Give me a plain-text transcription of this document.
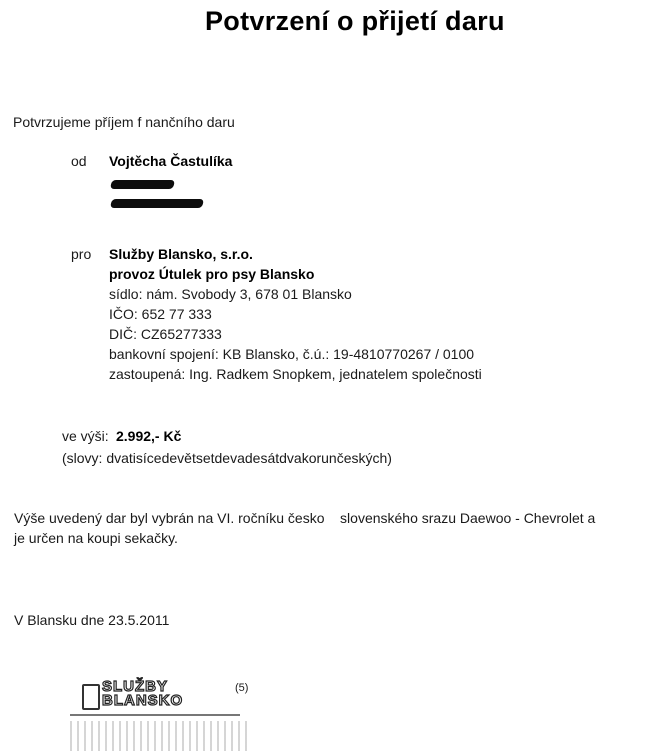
Potvrzení o přijetí daru
Potvrzujeme příjem f nančního daru
od Vojtěcha Častulíka
pro Služby Blansko, s.r.o.
provoz Útulek pro psy Blansko
sídlo: nám. Svobody 3, 678 01 Blansko
IČO: 652 77 333
DIČ: CZ65277333
bankovní spojení: KB Blansko, č.ú.: 19-4810770267 / 0100
zastoupená: Ing. Radkem Snopkem, jednatelem společnosti
ve výši: 2.992,- Kč
(slovy: dvatisícedevětsetdevadesátdvakorunčeských)
Výše uvedený dar byl vybrán na VI. ročníku česko    slovenského srazu Daewoo - Chevrolet a
je určen na koupi sekačky.
V Blansku dne 23.5.2011
SLUŽBY
BLANSKO
(5)
